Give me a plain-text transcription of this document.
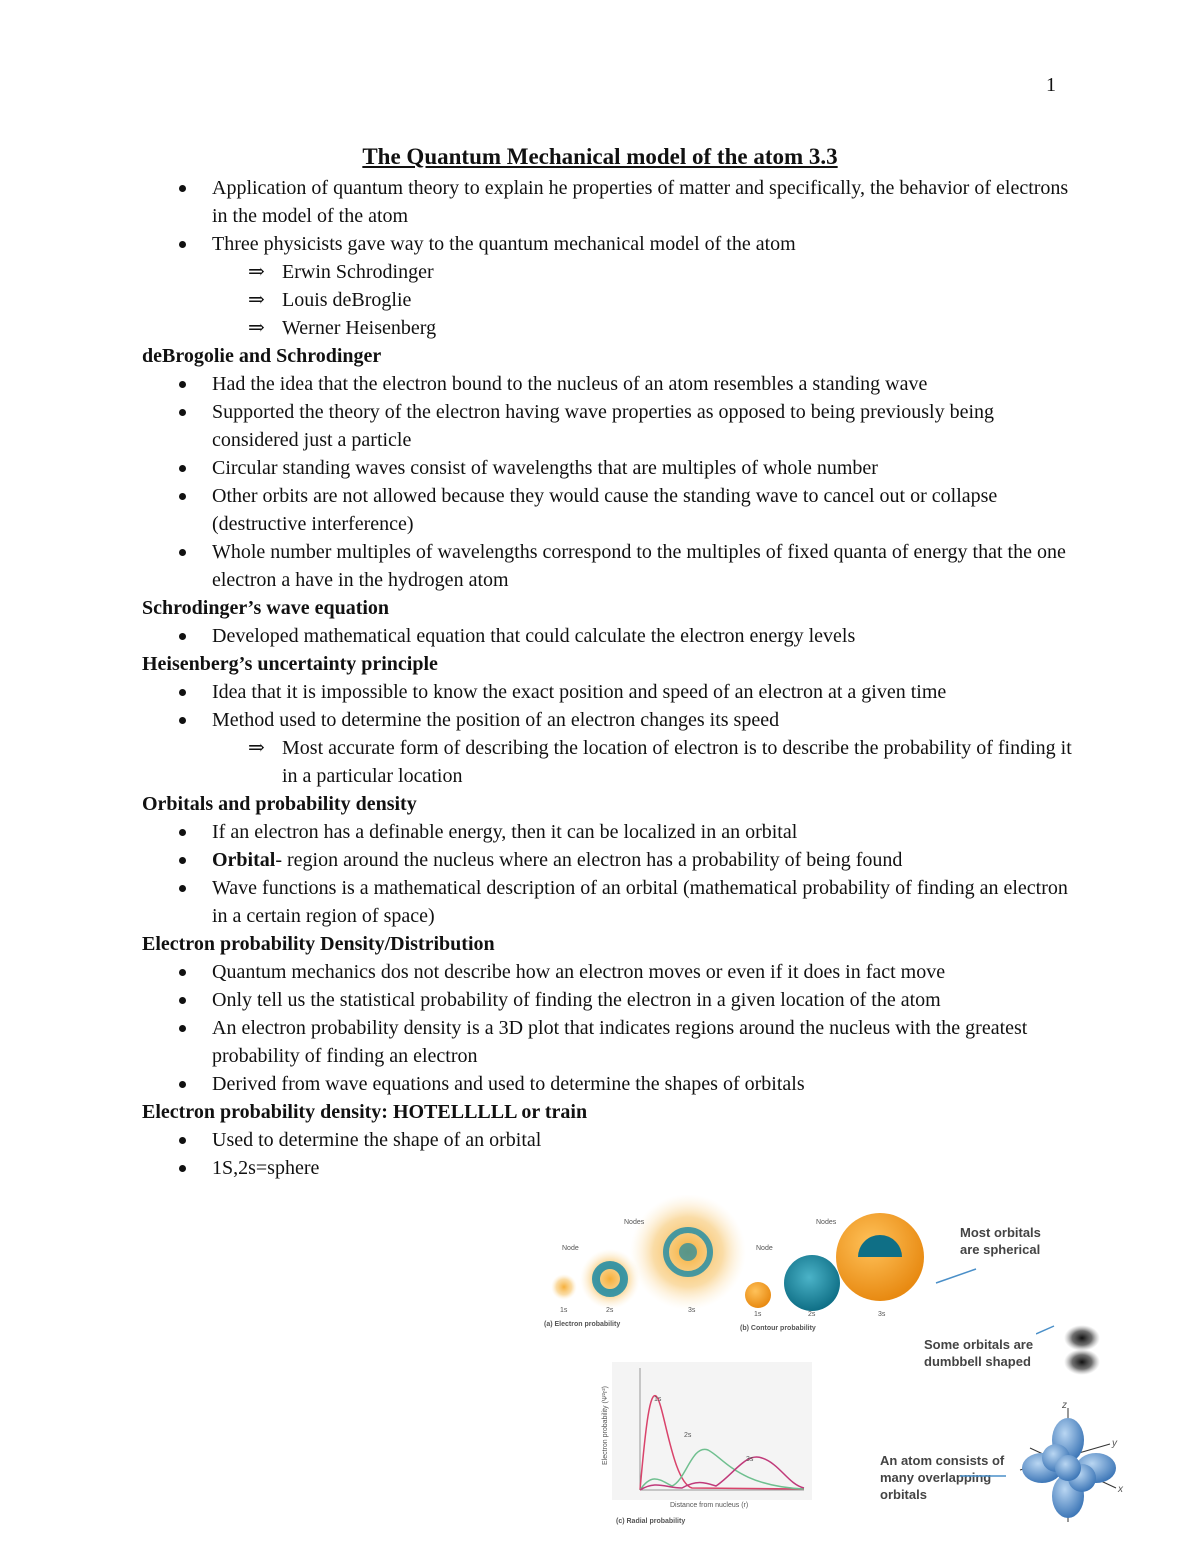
1
The Quantum Mechanical model of the atom 3.3
Application of quantum theory to explain he properties of matter and specifically, the behavior of electrons in the model of the atom
Three physicists gave way to the quantum mechanical model of the atom
⇒ Erwin Schrodinger
⇒ Louis deBroglie
⇒ Werner Heisenberg

deBrogolie and Schrodinger

Had the idea that the electron bound to the nucleus of an atom resembles a standing wave
Supported the theory of the electron having wave properties as opposed to being previously being considered just a particle
Circular standing waves consist of wavelengths that are multiples of whole number
Other orbits are not allowed because they would cause the standing wave to cancel out or collapse (destructive interference)
Whole number multiples of wavelengths correspond to the multiples of fixed quanta of energy that the one electron a have in the hydrogen atom

Schrodinger’s wave equation

Developed mathematical equation that could calculate the electron energy levels

Heisenberg’s uncertainty principle

Idea that it is impossible to know the exact position and speed of an electron at a given time
Method used to determine the position of an electron changes its speed
⇒ Most accurate form of describing the location of electron is to describe the probability of finding it in a particular location

Orbitals and probability density

If an electron has a definable energy, then it can be localized in an orbital
Orbital- region around the nucleus where an electron has a probability of being found
Wave functions is a mathematical description of an orbital (mathematical probability of finding an electron in a certain region of space)

Electron probability Density/Distribution

Quantum mechanics dos not describe how an electron moves or even if it does in fact move
Only tell us the statistical probability of finding the electron in a given location of the atom
An electron probability density is a 3D plot that indicates regions around the nucleus with the greatest probability of finding an electron
Derived from wave equations and used to determine the shapes of orbitals

Electron probability density: HOTELLLLL or train

Used to determine the shape of an orbital
1S,2s=sphere
Node
Nodes
1s	2s	3s
(a) Electron probability
Node
Nodes
1s	2s	3s
(b) Contour probability
Most orbitals are spherical
Some orbitals are dumbbell shaped
z
y
x
An atom consists of many overlapping orbitals
1s
2s
3s
Distance from nucleus (r)
Electron probability (Ψ²r²)
(c) Radial probability
